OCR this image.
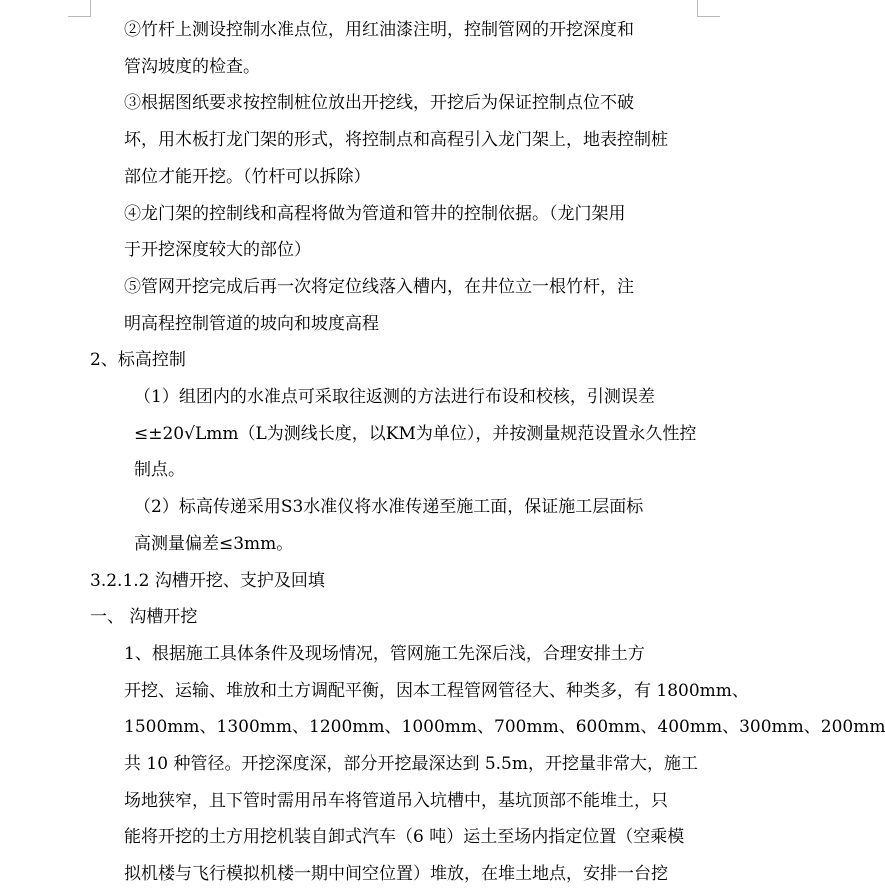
②竹杆上测设控制水准点位，用红油漆注明，控制管网的开挖深度和
管沟坡度的检查。

③根据图纸要求按控制桩位放出开挖线，开挖后为保证控制点位不破
坏，用木板打龙门架的形式，将控制点和高程引入龙门架上，地表控制桩
部位才能开挖。（竹杆可以拆除）

④龙门架的控制线和高程将做为管道和管井的控制依据。（龙门架用
于开挖深度较大的部位）

⑤管网开挖完成后再一次将定位线落入槽内，在井位立一根竹杆，注
明高程控制管道的坡向和坡度高程

2、标高控制

（1）组团内的水准点可采取往返测的方法进行布设和校核，引测误差
≤±20√Lmm（L为测线长度，以KM为单位），并按测量规范设置永久性控
制点。

（2）标高传递采用S3水准仪将水准传递至施工面，保证施工层面标
高测量偏差≤3mm。

3.2.1.2 沟槽开挖、支护及回填

一、 沟槽开挖

1、根据施工具体条件及现场情况，管网施工先深后浅，合理安排土方
开挖、运输、堆放和土方调配平衡，因本工程管网管径大、种类多，有 1800mm、
1500mm、1300mm、1200mm、1000mm、700mm、600mm、400mm、300mm、200mm
共 10 种管径。开挖深度深，部分开挖最深达到 5.5m，开挖量非常大，施工
场地狭窄，且下管时需用吊车将管道吊入坑槽中，基坑顶部不能堆土，只
能将开挖的土方用挖机装自卸式汽车（6 吨）运土至场内指定位置（空乘模
拟机楼与飞行模拟机楼一期中间空位置）堆放，在堆土地点，安排一台挖
